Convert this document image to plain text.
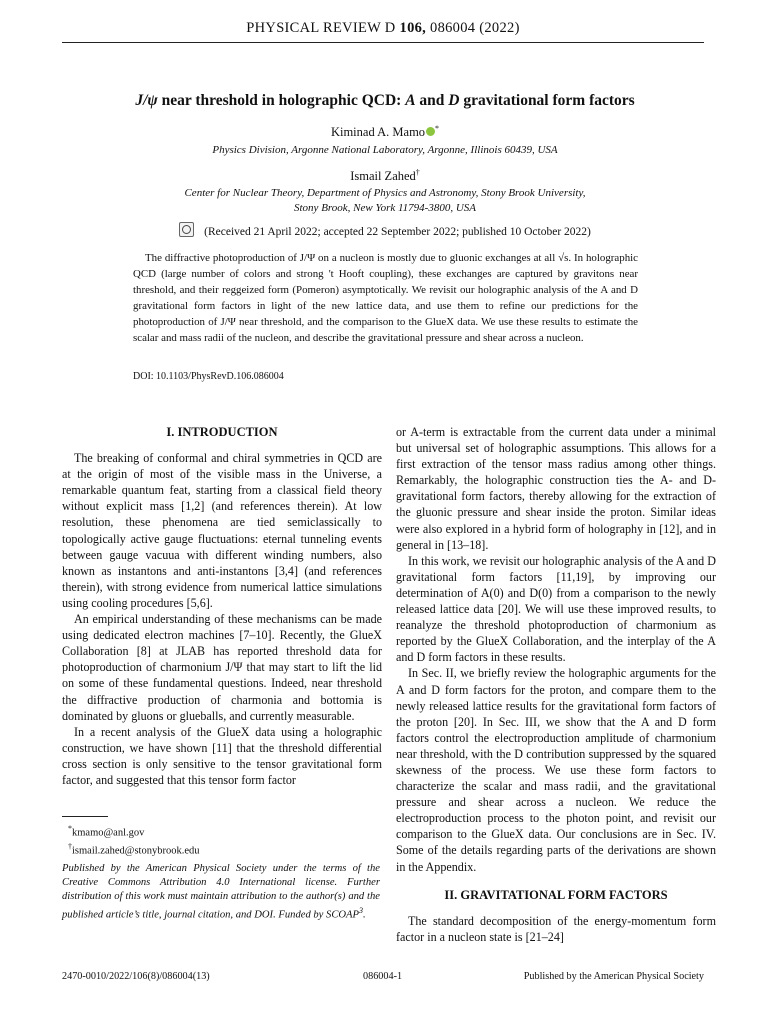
PHYSICAL REVIEW D 106, 086004 (2022)
J/ψ near threshold in holographic QCD: A and D gravitational form factors
Kiminad A. Mamo *
Physics Division, Argonne National Laboratory, Argonne, Illinois 60439, USA
Ismail Zahed†
Center for Nuclear Theory, Department of Physics and Astronomy, Stony Brook University,
Stony Brook, New York 11794-3800, USA
(Received 21 April 2022; accepted 22 September 2022; published 10 October 2022)
The diffractive photoproduction of J/Ψ on a nucleon is mostly due to gluonic exchanges at all √s. In holographic QCD (large number of colors and strong 't Hooft coupling), these exchanges are captured by gravitons near threshold, and their reggeized form (Pomeron) asymptotically. We revisit our holographic analysis of the A and D gravitational form factors in light of the new lattice data, and use them to refine our predictions for the photoproduction of J/Ψ near threshold, and the comparison to the GlueX data. We use these results to estimate the scalar and mass radii of the nucleon, and describe the gravitational pressure and shear across a nucleon.
DOI: 10.1103/PhysRevD.106.086004
I. INTRODUCTION

The breaking of conformal and chiral symmetries in QCD are at the origin of most of the visible mass in the Universe, a remarkable quantum feat, starting from a classical field theory without explicit mass [1,2] (and references therein). At low resolution, these phenomena are tied semiclassically to topologically active gauge fluctuations: eternal tunneling events between gauge vacuua with different winding numbers, also known as instantons and anti-instantons [3,4] (and references therein), with strong evidence from numerical lattice simulations using cooling procedures [5,6].

An empirical understanding of these mechanisms can be made using dedicated electron machines [7–10]. Recently, the GlueX Collaboration [8] at JLAB has reported threshold data for photoproduction of charmonium J/Ψ that may start to lift the lid on some of these fundamental questions. Indeed, near threshold the diffractive production of charmonia and bottomia is dominated by gluons or glueballs, and currently measurable.

In a recent analysis of the GlueX data using a holographic construction, we have shown [11] that the threshold differential cross section is only sensitive to the tensor gravitational form factor, and suggested that this tensor form factor

or A-term is extractable from the current data under a minimal but universal set of holographic assumptions. This allows for a first extraction of the tensor mass radius among other things. Remarkably, the holographic construction ties the A- and D-gravitational form factors, thereby allowing for the extraction of the gluonic pressure and shear inside the proton. Similar ideas were also explored in a hybrid form of holography in [12], and in general in [13–18].

In this work, we revisit our holographic analysis of the A and D gravitational form factors [11,19], by improving our determination of A(0) and D(0) from a comparison to the newly released lattice data [20]. We will use these improved results, to reanalyze the threshold photoproduction of charmonium as reported by the GlueX Collaboration, and the interplay of the A and D form factors in these results.

In Sec. II, we briefly review the holographic arguments for the A and D form factors for the proton, and compare them to the newly released lattice results for the gravitational form factors of the proton [20]. In Sec. III, we show that the A and D form factors control the electroproduction amplitude of charmonium near threshold, with the D contribution suppressed by the squared skewness of the process. We use these form factors to characterize the scalar and mass radii, and the gravitational pressure and shear across a nucleon. We reduce the electroproduction process to the photon point, and revisit our comparison to the GlueX data. Our conclusions are in Sec. IV. Some of the details regarding parts of the derivations are shown in the Appendix.

II. GRAVITATIONAL FORM FACTORS

The standard decomposition of the energy-momentum form factor in a nucleon state is [21–24]

*kmamo@anl.gov
†ismail.zahed@stonybrook.edu
Published by the American Physical Society under the terms of the Creative Commons Attribution 4.0 International license. Further distribution of this work must maintain attribution to the author(s) and the published article’s title, journal citation, and DOI. Funded by SCOAP$^3$.
2470-0010/2022/106(8)/086004(13)	086004-1	Published by the American Physical Society
